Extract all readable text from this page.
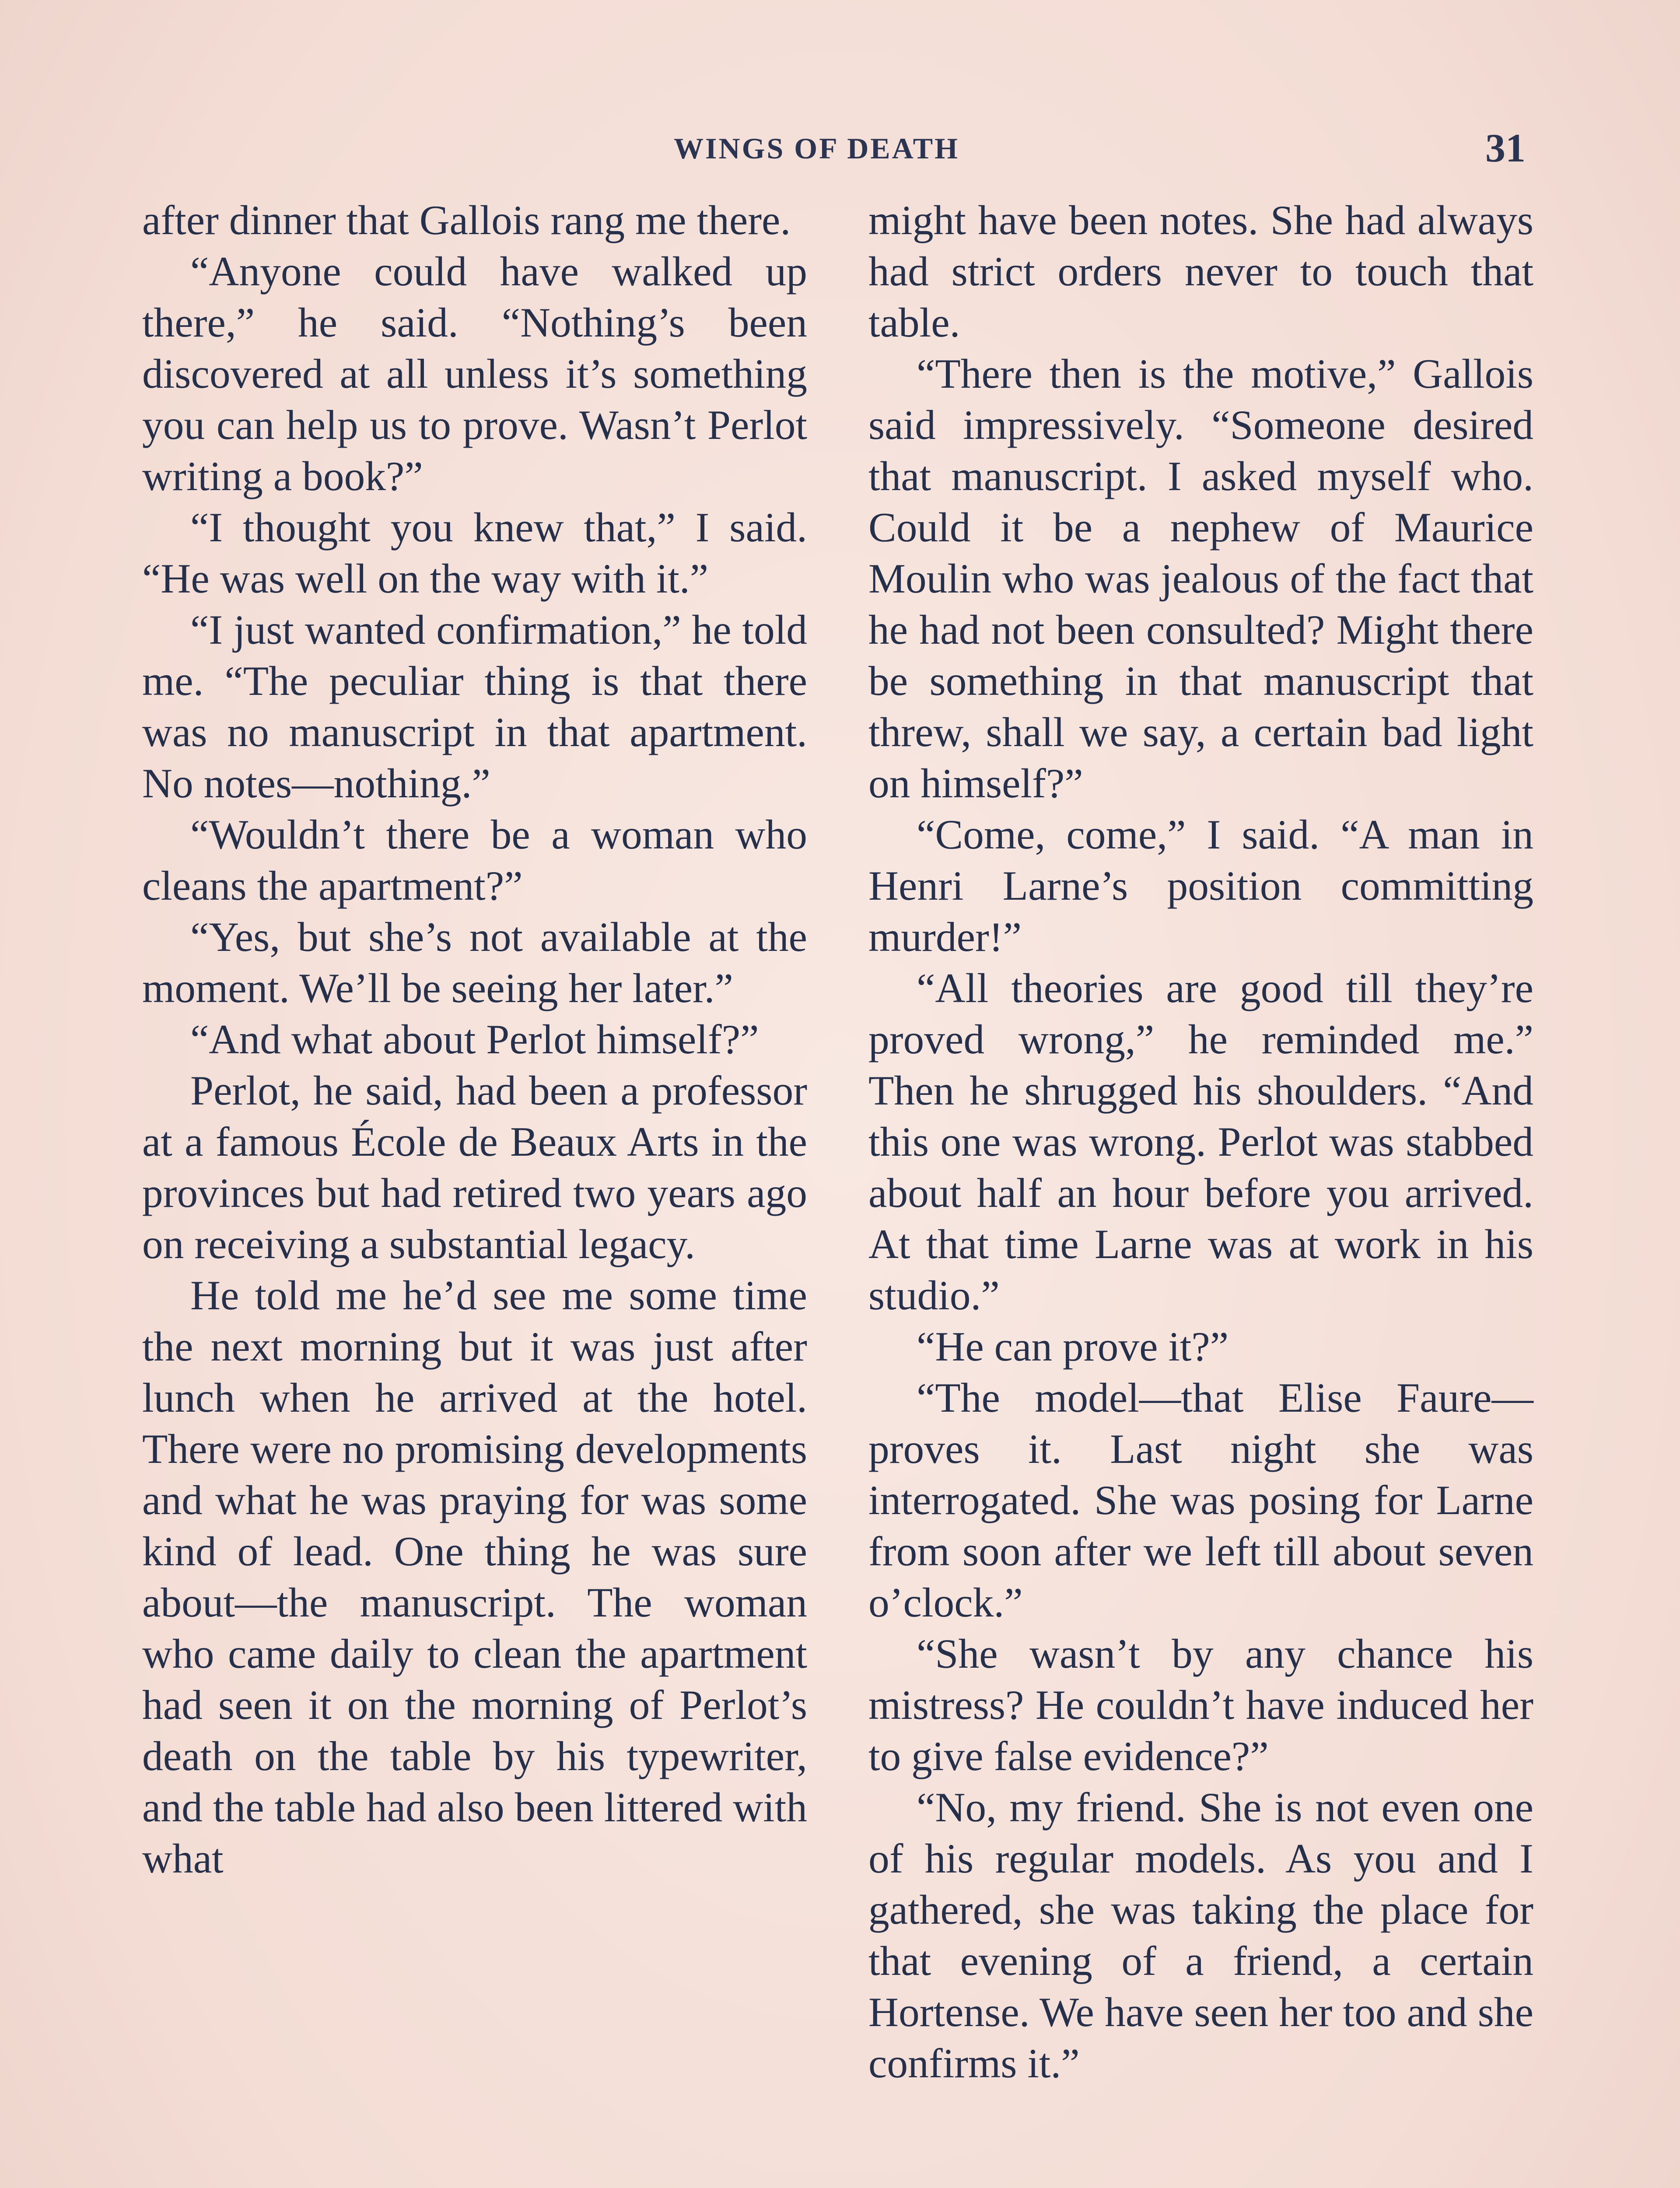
WINGS OF DEATH	31

after dinner that Gallois rang me there.

“Anyone could have walked up there,” he said. “Nothing’s been discovered at all unless it’s something you can help us to prove. Wasn’t Perlot writing a book?”

“I thought you knew that,” I said. “He was well on the way with it.”

“I just wanted confirmation,” he told me. “The peculiar thing is that there was no manuscript in that apartment. No notes—nothing.”

“Wouldn’t there be a woman who cleans the apartment?”

“Yes, but she’s not available at the moment. We’ll be seeing her later.”

“And what about Perlot himself?”

Perlot, he said, had been a professor at a famous École de Beaux Arts in the provinces but had retired two years ago on receiving a substantial legacy.

He told me he’d see me some time the next morning but it was just after lunch when he arrived at the hotel. There were no promising developments and what he was praying for was some kind of lead. One thing he was sure about—the manuscript. The woman who came daily to clean the apartment had seen it on the morning of Perlot’s death on the table by his typewriter, and the table had also been littered with what

might have been notes. She had always had strict orders never to touch that table.

“There then is the motive,” Gallois said impressively. “Someone desired that manuscript. I asked myself who. Could it be a nephew of Maurice Moulin who was jealous of the fact that he had not been consulted? Might there be something in that manuscript that threw, shall we say, a certain bad light on himself?”

“Come, come,” I said. “A man in Henri Larne’s position committing murder!”

“All theories are good till they’re proved wrong,” he reminded me.” Then he shrugged his shoulders. “And this one was wrong. Perlot was stabbed about half an hour before you arrived. At that time Larne was at work in his studio.”

“He can prove it?”

“The model—that Elise Faure—proves it. Last night she was interrogated. She was posing for Larne from soon after we left till about seven o’clock.”

“She wasn’t by any chance his mistress? He couldn’t have induced her to give false evidence?”

“No, my friend. She is not even one of his regular models. As you and I gathered, she was taking the place for that evening of a friend, a certain Hortense. We have seen her too and she confirms it.”
